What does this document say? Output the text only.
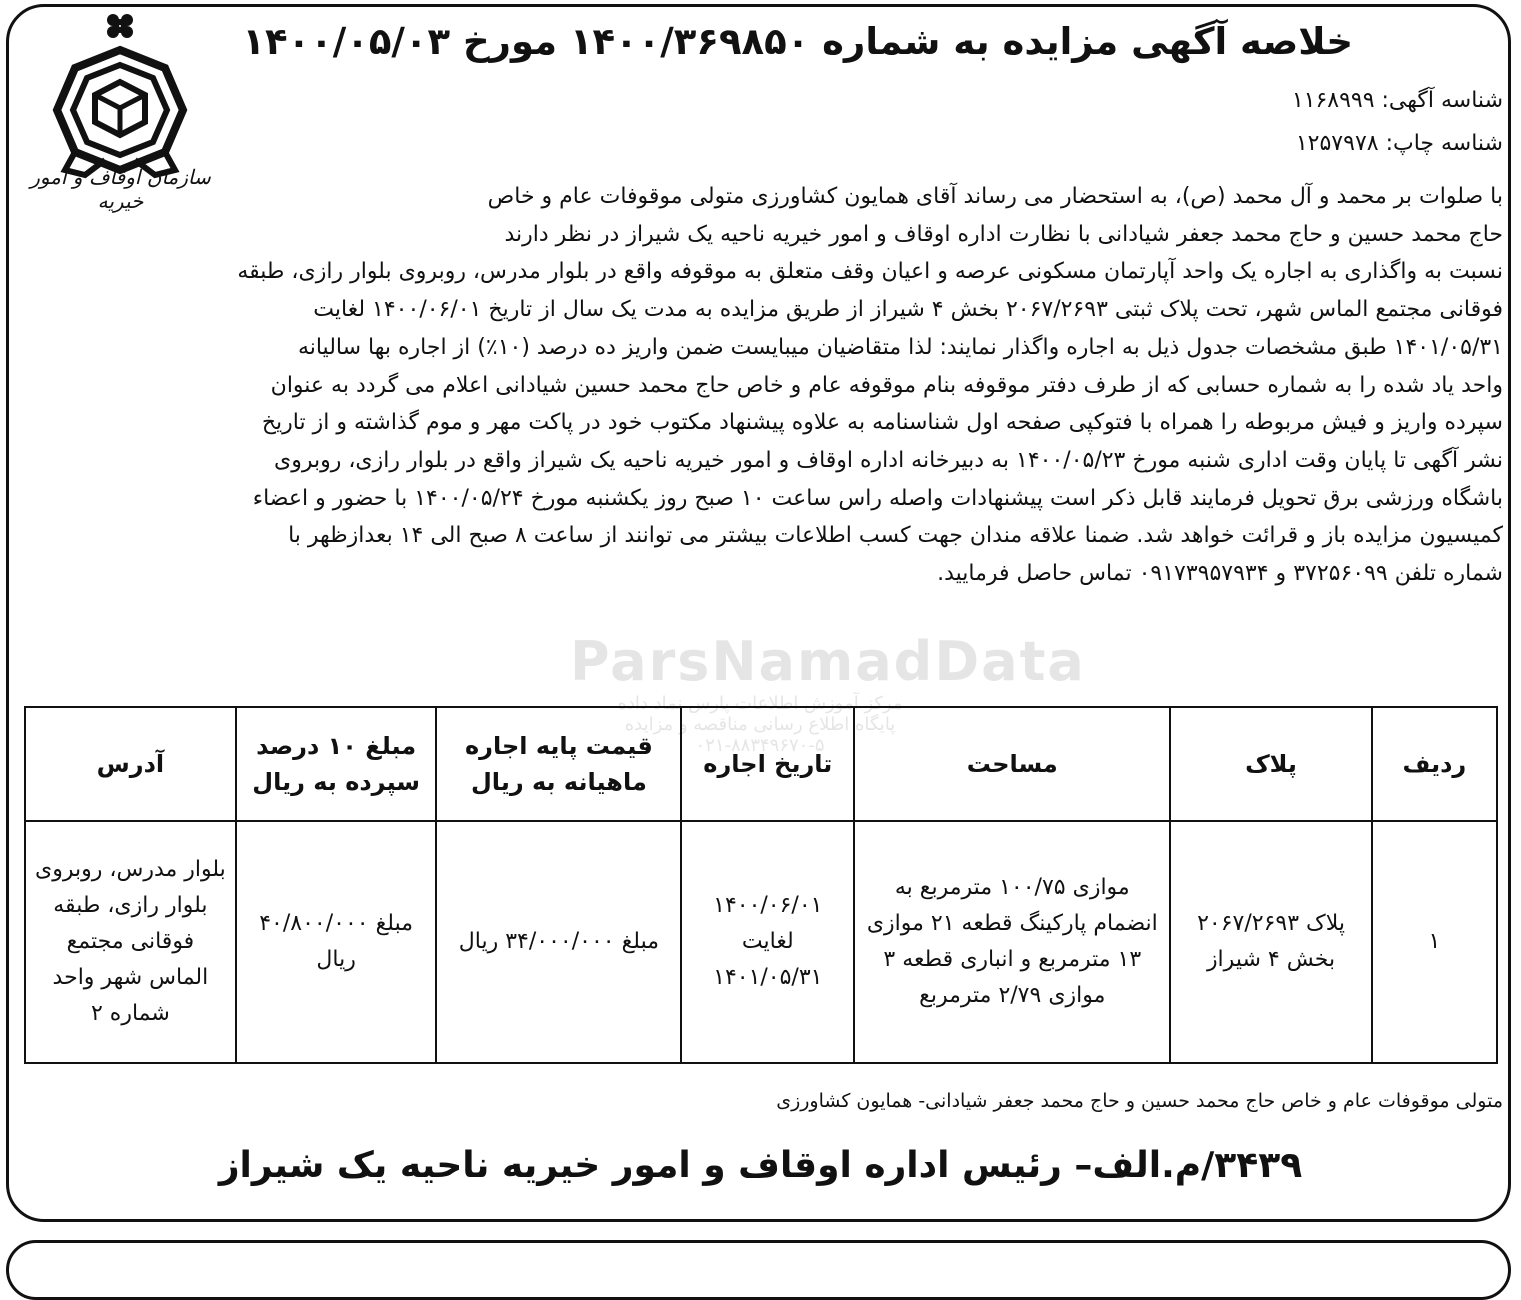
سازمان اوقاف و امور خیریه
خلاصه آگهی مزایده به شماره ۱۴۰۰/۳۶۹۸۵۰ مورخ ۱۴۰۰/۰۵/۰۳
شناسه آگهی: ۱۱۶۸۹۹۹
شناسه چاپ: ۱۲۵۷۹۷۸
با صلوات بر محمد و آل محمد (ص)، به استحضار می رساند آقای همایون کشاورزی متولی موقوفات عام و خاص
حاج محمد حسین و حاج محمد جعفر شیادانی با نظارت اداره اوقاف و امور خیریه ناحیه یک شیراز در نظر دارند
نسبت به واگذاری به اجاره یک واحد آپارتمان مسکونی عرصه و اعیان وقف متعلق به موقوفه واقع در بلوار مدرس، روبروی بلوار رازی، طبقه
فوقانی مجتمع الماس شهر، تحت پلاک ثبتی ۲۰۶۷/۲۶۹۳ بخش ۴ شیراز از طریق مزایده به مدت یک سال از تاریخ ۱۴۰۰/۰۶/۰۱ لغایت
۱۴۰۱/۰۵/۳۱ طبق مشخصات جدول ذیل به اجاره واگذار نمایند: لذا متقاضیان میبایست ضمن واریز ده درصد (۱۰٪) از اجاره بها سالیانه
واحد یاد شده را به شماره حسابی که از طرف دفتر موقوفه بنام موقوفه عام و خاص حاج محمد حسین شیادانی اعلام می گردد به عنوان
سپرده واریز و فیش مربوطه را همراه با فتوکپی صفحه اول شناسنامه به علاوه پیشنهاد مکتوب خود در پاکت مهر و موم گذاشته و از تاریخ
نشر آگهی تا پایان وقت اداری شنبه مورخ ۱۴۰۰/۰۵/۲۳ به دبیرخانه اداره اوقاف و امور خیریه ناحیه یک شیراز واقع در بلوار رازی، روبروی
باشگاه ورزشی برق تحویل فرمایند قابل ذکر است پیشنهادات واصله راس ساعت ۱۰ صبح روز یکشنبه مورخ ۱۴۰۰/۰۵/۲۴ با حضور و اعضاء
کمیسیون مزایده باز و قرائت خواهد شد. ضمنا علاقه مندان جهت کسب اطلاعات بیشتر می توانند از ساعت ۸ صبح الی ۱۴ بعدازظهر با
شماره تلفن ۳۷۲۵۶۰۹۹ و ۰۹۱۷۳۹۵۷۹۳۴ تماس حاصل فرمایید.
ParsNamadData
مرکز آموزش اطلاعات پارس نماد داده
پایگاه اطلاع رسانی مناقصه و مزایده
۰۲۱-۸۸۳۴۹۶۷۰-۵
ردیف	پلاک	مساحت	تاریخ اجاره	قیمت پایه اجاره ماهیانه به ریال	مبلغ ۱۰ درصد سپرده به ریال	آدرس
۱	پلاک ۲۰۶۷/۲۶۹۳ بخش ۴ شیراز	موازی ۱۰۰/۷۵ مترمربع به انضمام پارکینگ قطعه ۲۱ موازی ۱۳ مترمربع و انباری قطعه ۳ موازی ۲/۷۹ مترمربع	۱۴۰۰/۰۶/۰۱ لغایت ۱۴۰۱/۰۵/۳۱	مبلغ ۳۴/۰۰۰/۰۰۰ ریال	مبلغ ۴۰/۸۰۰/۰۰۰ ریال	بلوار مدرس، روبروی بلوار رازی، طبقه فوقانی مجتمع الماس شهر واحد شماره ۲
متولی موقوفات عام و خاص حاج محمد حسین و حاج محمد جعفر شیادانی- همایون کشاورزی
۳۴۳۹/م.الف– رئیس اداره اوقاف و امور خیریه ناحیه یک شیراز
